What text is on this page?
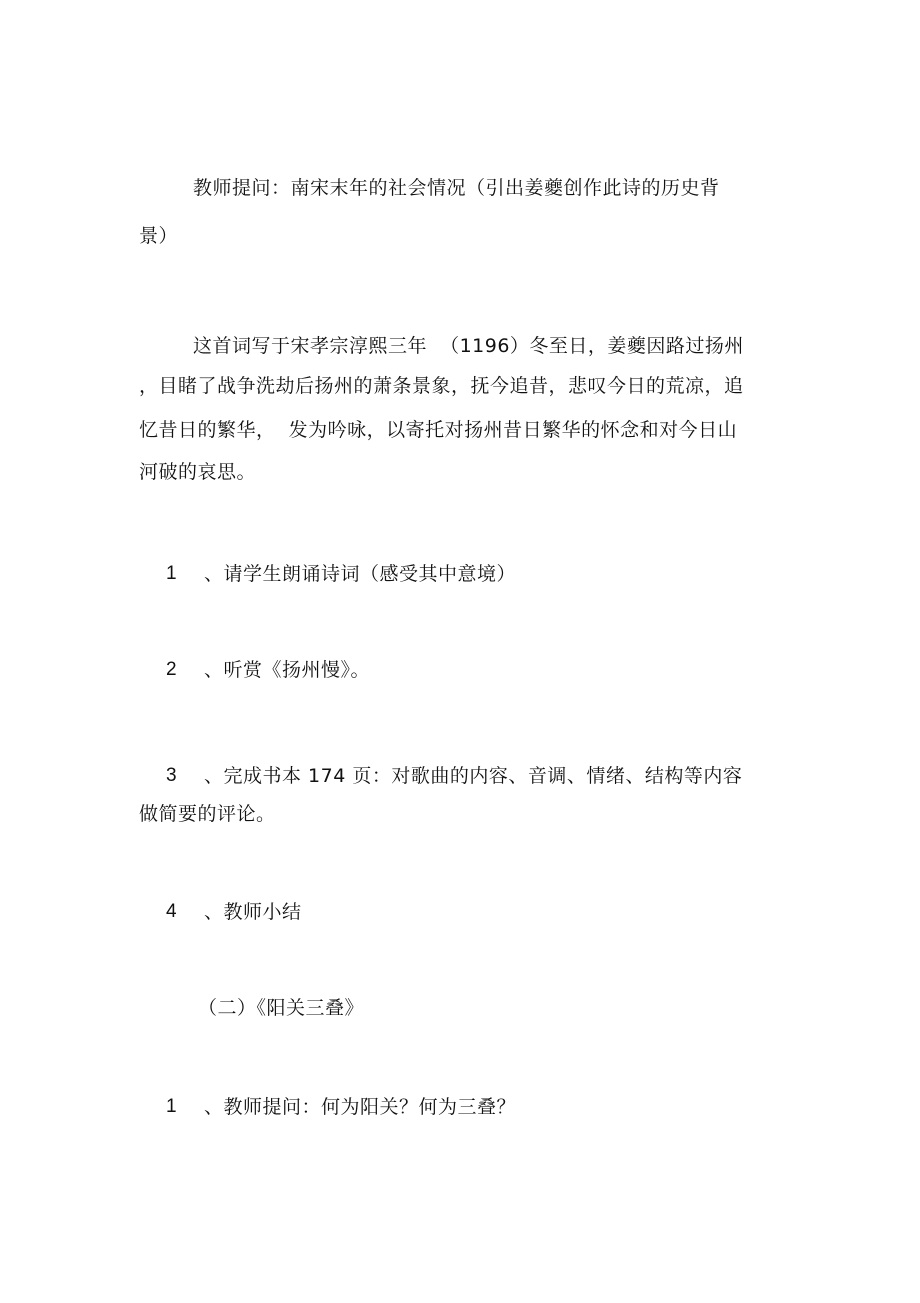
教师提问：南宋末年的社会情况（引出姜夔创作此诗的历史背
景）
这首词写于宋孝宗淳熙三年  （1196）冬至日，姜夔因路过扬州
，目睹了战争洗劫后扬州的萧条景象，抚今追昔，悲叹今日的荒凉，追
忆昔日的繁华，  发为吟咏，以寄托对扬州昔日繁华的怀念和对今日山
河破的哀思。
1 、请学生朗诵诗词（感受其中意境）
2 、听赏《扬州慢》。
3 、完成书本 174 页：对歌曲的内容、音调、情绪、结构等内容
做简要的评论。
4 、教师小结
（二）《阳关三叠》
1 、教师提问：何为阳关？何为三叠？
